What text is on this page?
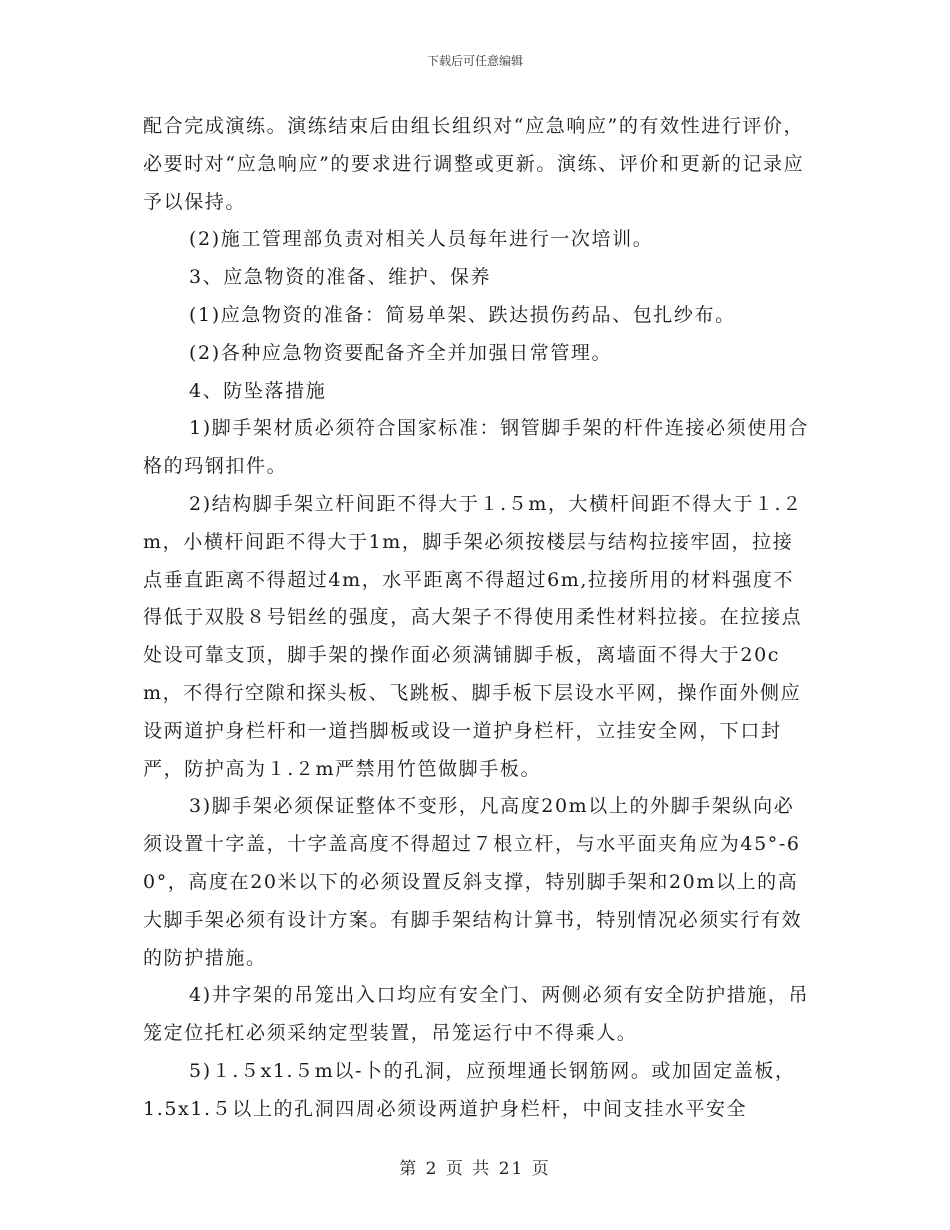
下载后可任意编辑

配合完成演练。演练结束后由组长组织对“应急响应”的有效性进行评价，必要时对“应急响应”的要求进行调整或更新。演练、评价和更新的记录应予以保持。

(2)施工管理部负责对相关人员每年进行一次培训。

3、应急物资的准备、维护、保养

(1)应急物资的准备：简易单架、跌达损伤药品、包扎纱布。

(2)各种应急物资要配备齐全并加强日常管理。

4、防坠落措施

1)脚手架材质必须符合国家标准：钢管脚手架的杆件连接必须使用合格的玛钢扣件。

2)结构脚手架立杆间距不得大于１.５m，大横杆间距不得大于１.２m，小横杆间距不得大于1m，脚手架必须按楼层与结构拉接牢固，拉接点垂直距离不得超过4m，水平距离不得超过6m,拉接所用的材料强度不得低于双股８号铝丝的强度，高大架子不得使用柔性材料拉接。在拉接点处设可靠支顶，脚手架的操作面必须满铺脚手板，离墙面不得大于20cm，不得行空隙和探头板、飞跳板、脚手板下层设水平网，操作面外侧应设两道护身栏杆和一道挡脚板或设一道护身栏杆，立挂安全网，下口封严，防护高为１.２m严禁用竹笆做脚手板。

3)脚手架必须保证整体不变形，凡高度20m以上的外脚手架纵向必须设置十字盖，十字盖高度不得超过７根立杆，与水平面夹角应为45°-60°，高度在20米以下的必须设置反斜支撑，特别脚手架和20m以上的高大脚手架必须有设计方案。有脚手架结构计算书，特别情况必须实行有效的防护措施。

4)井字架的吊笼出入口均应有安全门、两侧必须有安全防护措施，吊笼定位托杠必须采纳定型装置，吊笼运行中不得乘人。

5)１.５x1.５m以-卜的孔洞，应预埋通长钢筋网。或加固定盖板，1.5x1.５以上的孔洞四周必须设两道护身栏杆，中间支挂水平安全

第 2 页 共 21 页
